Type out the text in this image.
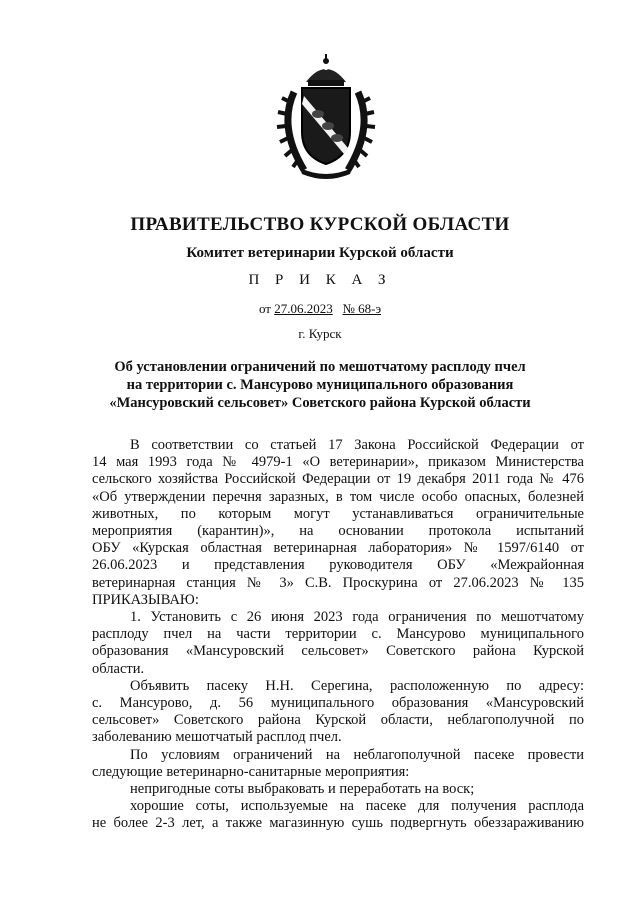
ПРАВИТЕЛЬСТВО КУРСКОЙ ОБЛАСТИ
Комитет ветеринарии Курской области
П Р И К А З
от 27.06.2023 № 68-э
г. Курск
Об установлении ограничений по мешотчатому расплоду пчел
на территории с. Мансурово муниципального образования
«Мансуровский сельсовет» Советского района Курской области
В соответствии со статьей 17 Закона Российской Федерации от
14 мая 1993 года № 4979-1 «О ветеринарии», приказом Министерства
сельского хозяйства Российской Федерации от 19 декабря 2011 года № 476
«Об утверждении перечня заразных, в том числе особо опасных, болезней
животных, по которым могут устанавливаться ограничительные
мероприятия (карантин)», на основании протокола испытаний
ОБУ «Курская областная ветеринарная лаборатория» № 1597/6140 от
26.06.2023 и представления руководителя ОБУ «Межрайонная
ветеринарная станция № 3» С.В. Проскурина от 27.06.2023 № 135
ПРИКАЗЫВАЮ:
1. Установить с 26 июня 2023 года ограничения по мешотчатому
расплоду пчел на части территории с. Мансурово муниципального
образования «Мансуровский сельсовет» Советского района Курской
области.
Объявить пасеку Н.Н. Серегина, расположенную по адресу:
с. Мансурово, д. 56 муниципального образования «Мансуровский
сельсовет» Советского района Курской области, неблагополучной по
заболеванию мешотчатый расплод пчел.
По условиям ограничений на неблагополучной пасеке провести
следующие ветеринарно-санитарные мероприятия:
непригодные соты выбраковать и переработать на воск;
хорошие соты, используемые на пасеке для получения расплода
не более 2-3 лет, а также магазинную сушь подвергнуть обеззараживанию
